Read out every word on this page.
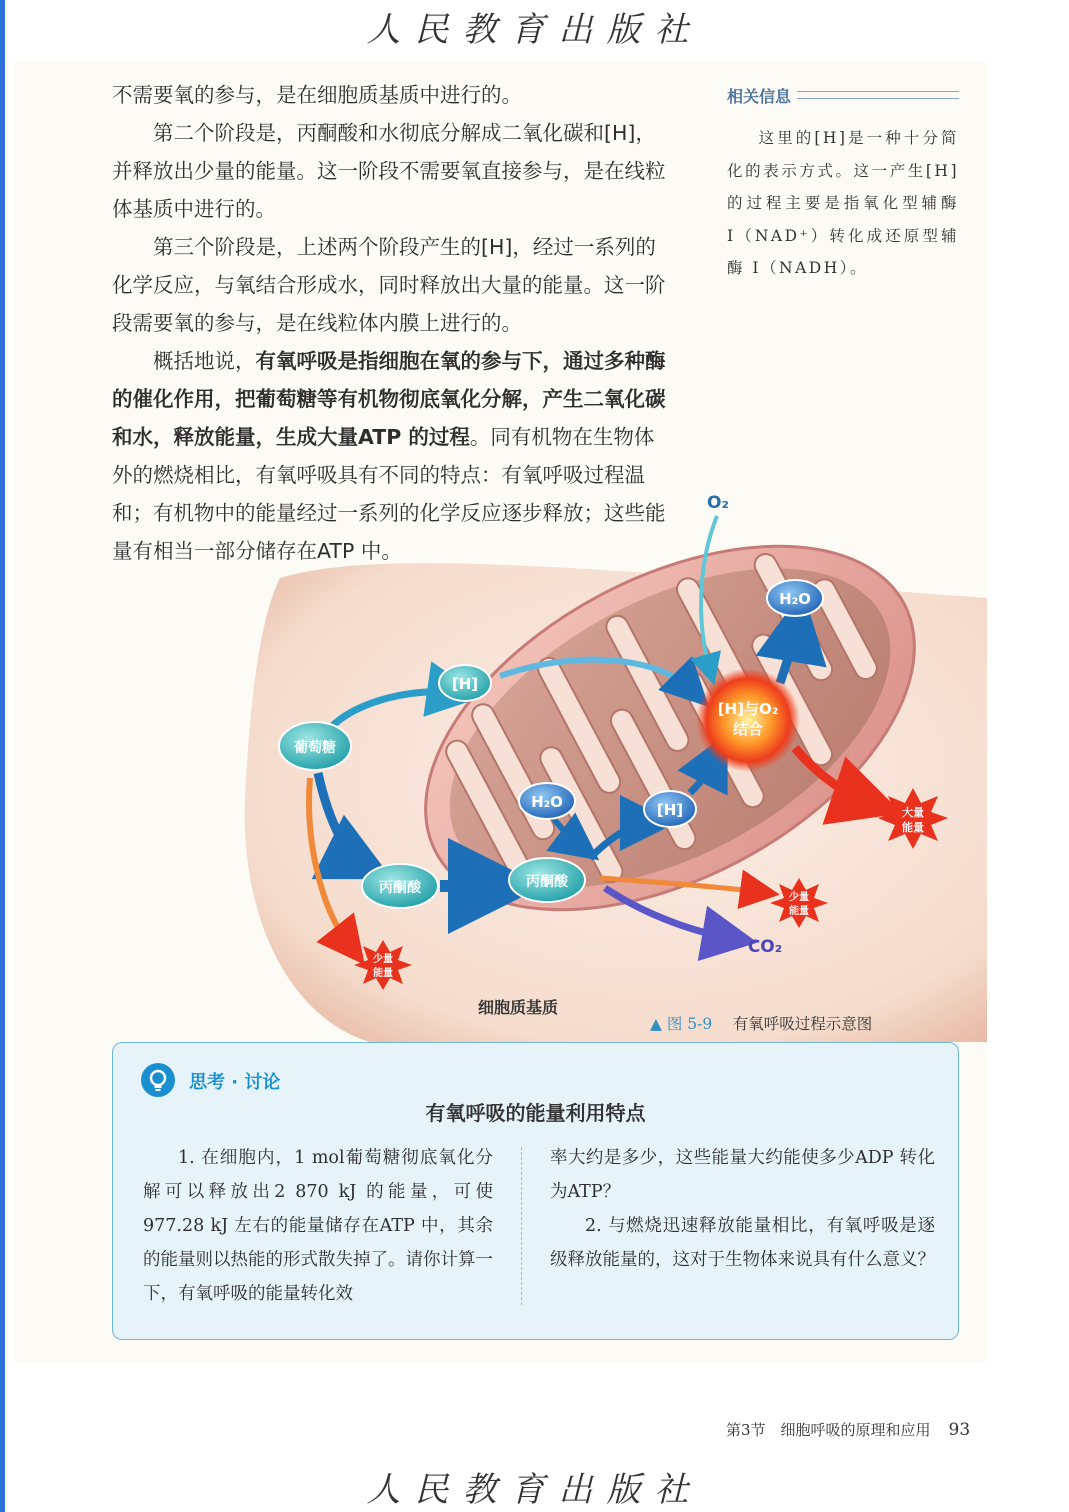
人民教育出版社

不需要氧的参与，是在细胞质基质中进行的。

第二个阶段是，丙酮酸和水彻底分解成二氧化碳和[H]，并释放出少量的能量。这一阶段不需要氧直接参与，是在线粒体基质中进行的。

第三个阶段是，上述两个阶段产生的[H]，经过一系列的化学反应，与氧结合形成水，同时释放出大量的能量。这一阶段需要氧的参与，是在线粒体内膜上进行的。

概括地说，有氧呼吸是指细胞在氧的参与下，通过多种酶的催化作用，把葡萄糖等有机物彻底氧化分解，产生二氧化碳和水，释放能量，生成大量ATP 的过程。同有机物在生物体外的燃烧相比，有氧呼吸具有不同的特点：有氧呼吸过程温和；有机物中的能量经过一系列的化学反应逐步释放；这些能量有相当一部分储存在ATP 中。

相关信息
这里的[H]是一种十分简化的表示方式。这一产生[H]的过程主要是指氧化型辅酶 Ⅰ（NAD⁺）转化成还原型辅酶 Ⅰ（NADH）。
[H]与O₂
结合
葡萄糖
[H]
丙酮酸	丙酮酸
H₂O	[H]
H₂O
大量
能量
少量
能量
少量
能量
O₂
CO₂
细胞质基质
▲ 图 5-9　 有氧呼吸过程示意图
思考 · 讨论
有氧呼吸的能量利用特点

1. 在细胞内，1 mol葡萄糖彻底氧化分解可以释放出2 870 kJ 的能量，可使977.28 kJ 左右的能量储存在ATP 中，其余的能量则以热能的形式散失掉了。请你计算一下，有氧呼吸的能量转化效

率大约是多少，这些能量大约能使多少ADP 转化为ATP？

2. 与燃烧迅速释放能量相比，有氧呼吸是逐级释放能量的，这对于生物体来说具有什么意义？

第3节　细胞呼吸的原理和应用 93
人民教育出版社
